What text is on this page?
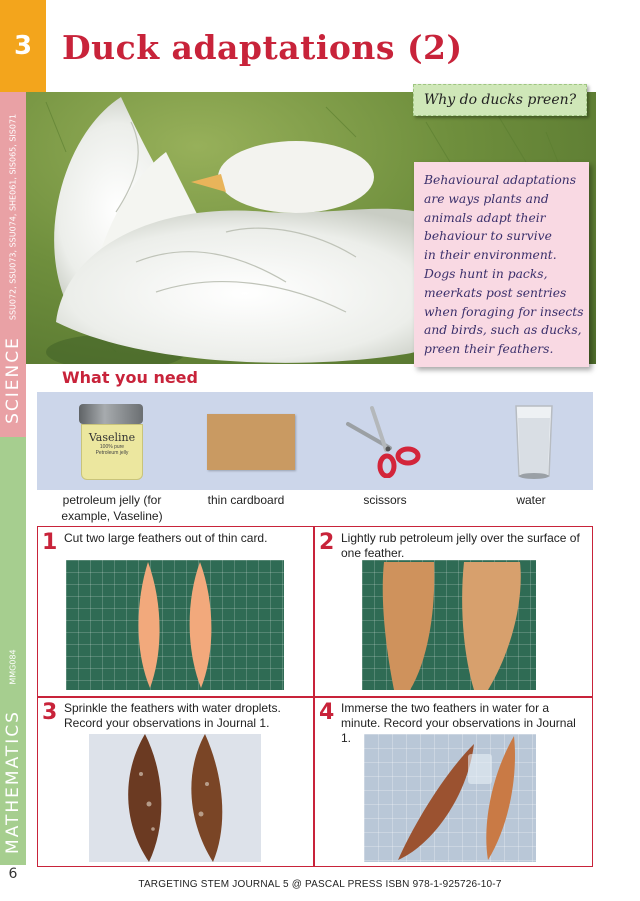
3
SCIENCE
SSU072, SSU073, SSU074, SHE061, SIS065, SIS071
MATHEMATICS
MMG084
6
Duck adaptations (2)
Why do ducks preen?
Behavioural adaptations
are ways plants and
animals adapt their
behaviour to survive
in their environment.
Dogs hunt in packs,
meerkats post sentries
when foraging for insects
and birds, such as ducks,
preen their feathers.
What you need
Vaseline
100% pure
Petroleum jelly
petroleum jelly (for example, Vaseline)
thin cardboard	scissors	water
1 Cut two large feathers out of thin card.	2 Lightly rub petroleum jelly over the surface of one feather.
3 Sprinkle the feathers with water droplets. Record your observations in Journal 1.	4 Immerse the two feathers in water for a minute. Record your observations in Journal 1.
TARGETING STEM JOURNAL 5 @ PASCAL PRESS ISBN 978-1-925726-10-7
